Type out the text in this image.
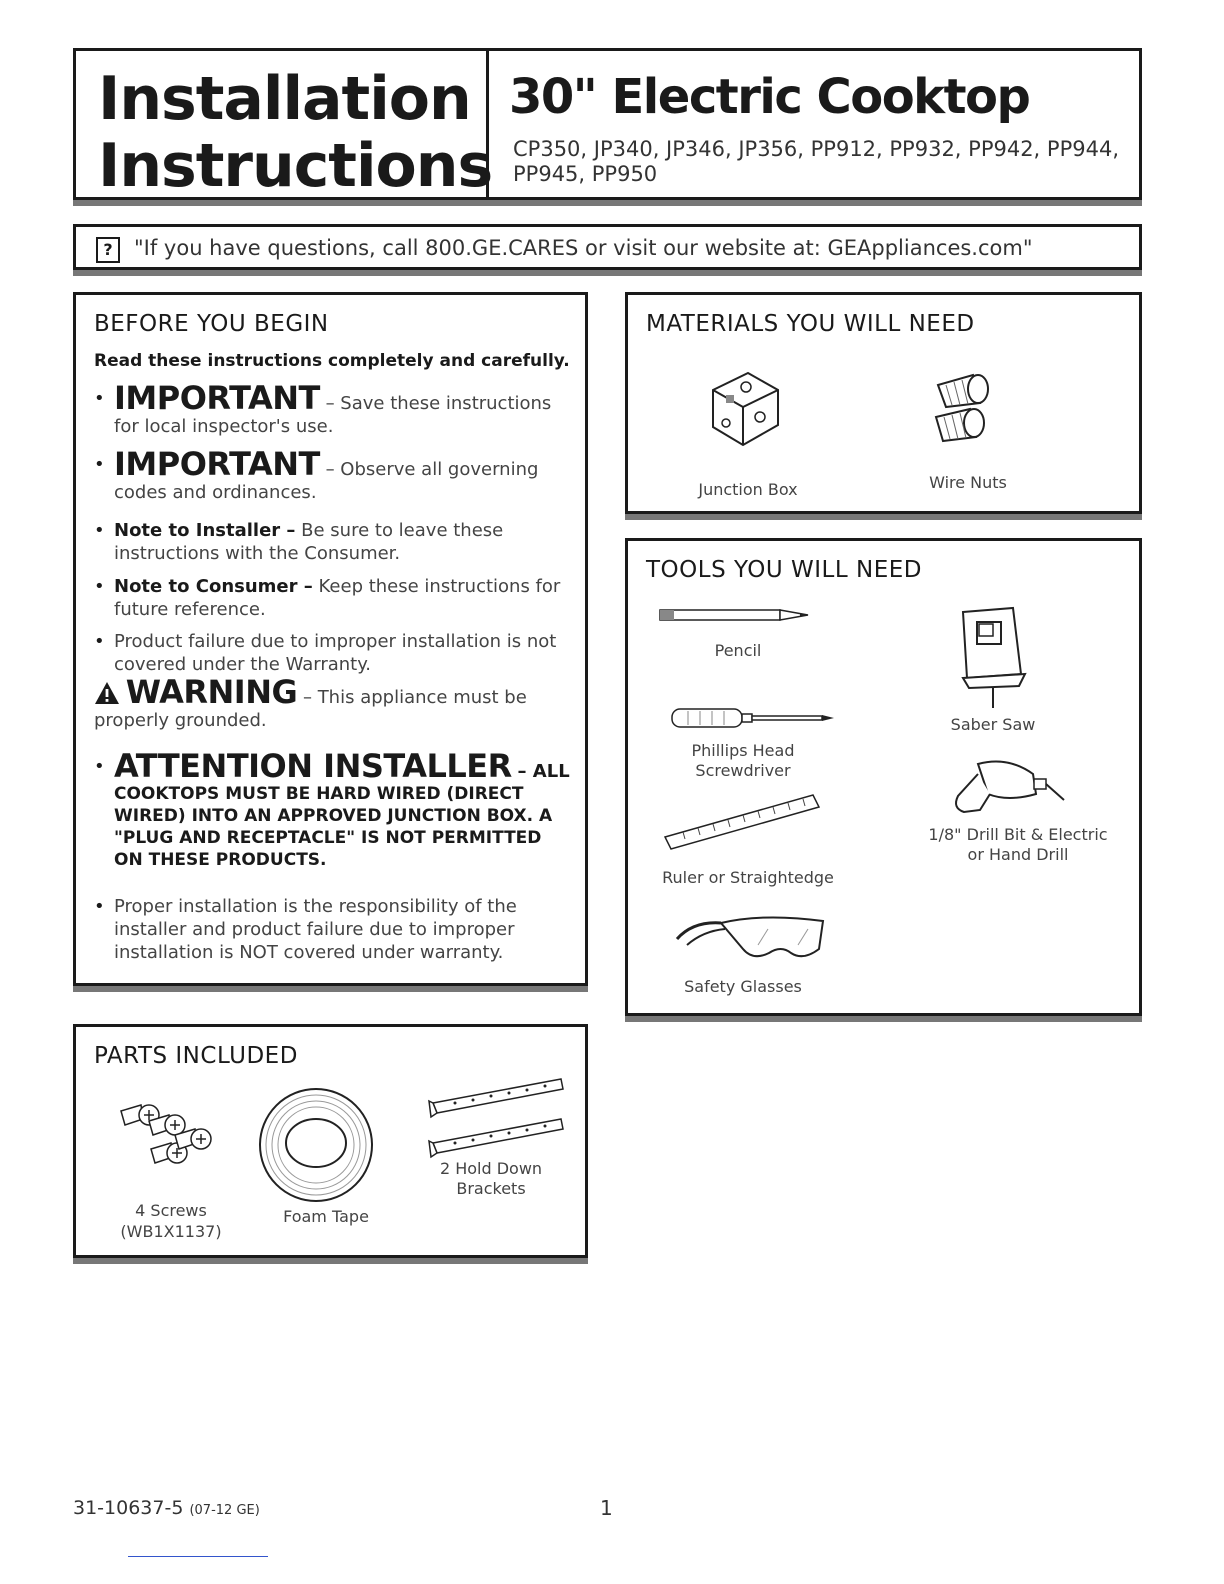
Installation
Instructions
30" Electric Cooktop
CP350, JP340, JP346, JP356, PP912, PP932, PP942, PP944, PP945, PP950
?	"If you have questions, call 800.GE.CARES or visit our website at: GEAppliances.com"
BEFORE YOU BEGIN
Read these instructions completely and carefully.
• IMPORTANT – Save these instructions for local inspector's use.
• IMPORTANT – Observe all governing codes and ordinances.
• Note to Installer – Be sure to leave these instructions with the Consumer.
• Note to Consumer – Keep these instructions for future reference.
• Product failure due to improper installation is not covered under the Warranty.
WARNING – This appliance must be properly grounded.
• ATTENTION INSTALLER – ALL
COOKTOPS MUST BE HARD WIRED (DIRECT WIRED) INTO AN APPROVED JUNCTION BOX. A "PLUG AND RECEPTACLE" IS NOT PERMITTED ON THESE PRODUCTS.
• Proper installation is the responsibility of the installer and product failure due to improper installation is NOT covered under warranty.
MATERIALS YOU WILL NEED
Junction Box	Wire Nuts
TOOLS YOU WILL NEED
Pencil
Phillips Head Screwdriver
Ruler or Straightedge
Safety Glasses
Saber Saw
1/8" Drill Bit & Electric or Hand Drill
PARTS INCLUDED
4 Screws
(WB1X1137)
Foam Tape
2 Hold Down Brackets
31-10637-5 (07-12 GE)	1
